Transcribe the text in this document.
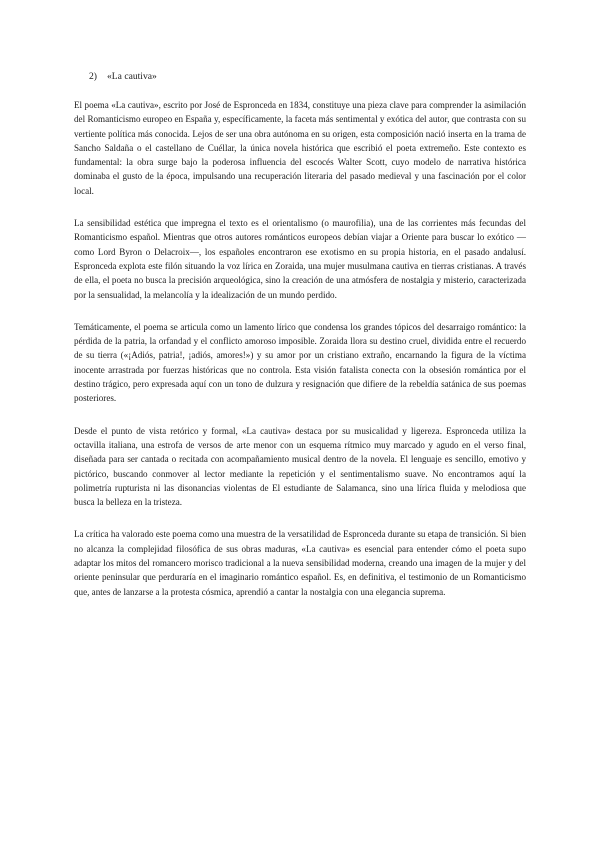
2) «La cautiva»

El poema «La cautiva», escrito por José de Espronceda en 1834, constituye una pieza clave para comprender la asimilación del Romanticismo europeo en España y, específicamente, la faceta más sentimental y exótica del autor, que contrasta con su vertiente política más conocida. Lejos de ser una obra autónoma en su origen, esta composición nació inserta en la trama de Sancho Saldaña o el castellano de Cuéllar, la única novela histórica que escribió el poeta extremeño. Este contexto es fundamental: la obra surge bajo la poderosa influencia del escocés Walter Scott, cuyo modelo de narrativa histórica dominaba el gusto de la época, impulsando una recuperación literaria del pasado medieval y una fascinación por el color local.

La sensibilidad estética que impregna el texto es el orientalismo (o maurofilia), una de las corrientes más fecundas del Romanticismo español. Mientras que otros autores románticos europeos debían viajar a Oriente para buscar lo exótico —como Lord Byron o Delacroix—, los españoles encontraron ese exotismo en su propia historia, en el pasado andalusí. Espronceda explota este filón situando la voz lírica en Zoraida, una mujer musulmana cautiva en tierras cristianas. A través de ella, el poeta no busca la precisión arqueológica, sino la creación de una atmósfera de nostalgia y misterio, caracterizada por la sensualidad, la melancolía y la idealización de un mundo perdido.

Temáticamente, el poema se articula como un lamento lírico que condensa los grandes tópicos del desarraigo romántico: la pérdida de la patria, la orfandad y el conflicto amoroso imposible. Zoraida llora su destino cruel, dividida entre el recuerdo de su tierra («¡Adiós, patria!, ¡adiós, amores!») y su amor por un cristiano extraño, encarnando la figura de la víctima inocente arrastrada por fuerzas históricas que no controla. Esta visión fatalista conecta con la obsesión romántica por el destino trágico, pero expresada aquí con un tono de dulzura y resignación que difiere de la rebeldía satánica de sus poemas posteriores.

Desde el punto de vista retórico y formal, «La cautiva» destaca por su musicalidad y ligereza. Espronceda utiliza la octavilla italiana, una estrofa de versos de arte menor con un esquema rítmico muy marcado y agudo en el verso final, diseñada para ser cantada o recitada con acompañamiento musical dentro de la novela. El lenguaje es sencillo, emotivo y pictórico, buscando conmover al lector mediante la repetición y el sentimentalismo suave. No encontramos aquí la polimetría rupturista ni las disonancias violentas de El estudiante de Salamanca, sino una lírica fluida y melodiosa que busca la belleza en la tristeza.

La crítica ha valorado este poema como una muestra de la versatilidad de Espronceda durante su etapa de transición. Si bien no alcanza la complejidad filosófica de sus obras maduras, «La cautiva» es esencial para entender cómo el poeta supo adaptar los mitos del romancero morisco tradicional a la nueva sensibilidad moderna, creando una imagen de la mujer y del oriente peninsular que perduraría en el imaginario romántico español. Es, en definitiva, el testimonio de un Romanticismo que, antes de lanzarse a la protesta cósmica, aprendió a cantar la nostalgia con una elegancia suprema.
